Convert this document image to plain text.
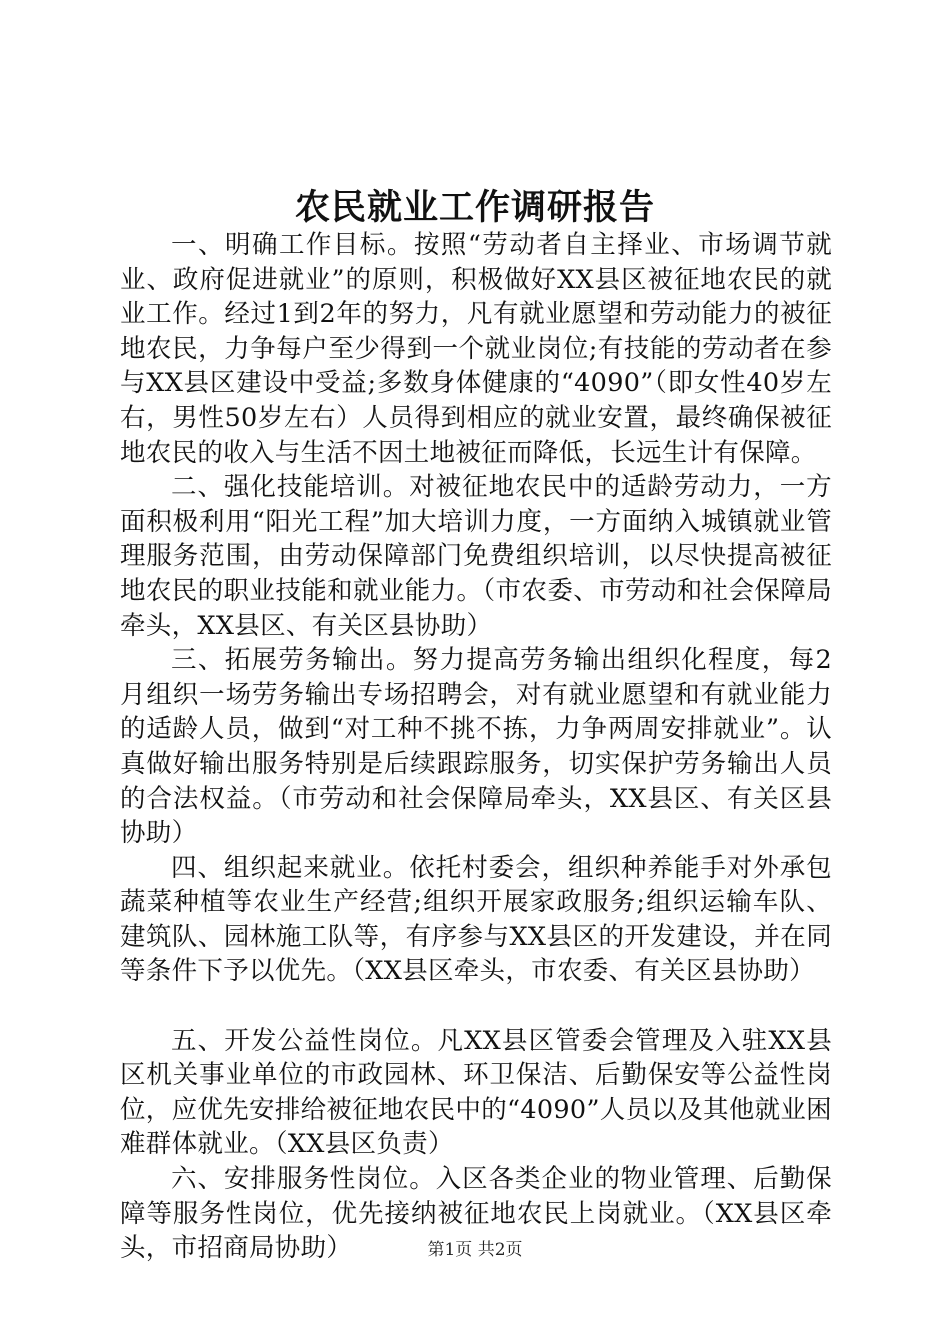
农民就业工作调研报告

一、明确工作目标。按照“劳动者自主择业、市场调节就业、政府促进就业”的原则，积极做好XX县区被征地农民的就业工作。经过1到2年的努力，凡有就业愿望和劳动能力的被征地农民，力争每户至少得到一个就业岗位;有技能的劳动者在参与XX县区建设中受益;多数身体健康的“4090”（即女性40岁左右，男性50岁左右）人员得到相应的就业安置，最终确保被征地农民的收入与生活不因土地被征而降低，长远生计有保障。

二、强化技能培训。对被征地农民中的适龄劳动力，一方面积极利用“阳光工程”加大培训力度，一方面纳入城镇就业管理服务范围，由劳动保障部门免费组织培训，以尽快提高被征地农民的职业技能和就业能力。（市农委、市劳动和社会保障局牵头，XX县区、有关区县协助）

三、拓展劳务输出。努力提高劳务输出组织化程度，每2月组织一场劳务输出专场招聘会，对有就业愿望和有就业能力的适龄人员，做到“对工种不挑不拣，力争两周安排就业”。认真做好输出服务特别是后续跟踪服务，切实保护劳务输出人员的合法权益。（市劳动和社会保障局牵头，XX县区、有关区县协助）

四、组织起来就业。依托村委会，组织种养能手对外承包蔬菜种植等农业生产经营;组织开展家政服务;组织运输车队、建筑队、园林施工队等，有序参与XX县区的开发建设，并在同等条件下予以优先。（XX县区牵头，市农委、有关区县协助）

五、开发公益性岗位。凡XX县区管委会管理及入驻XX县区机关事业单位的市政园林、环卫保洁、后勤保安等公益性岗位，应优先安排给被征地农民中的“4090”人员以及其他就业困难群体就业。（XX县区负责）

六、安排服务性岗位。入区各类企业的物业管理、后勤保障等服务性岗位，优先接纳被征地农民上岗就业。（XX县区牵头，市招商局协助）	第1页 共2页
